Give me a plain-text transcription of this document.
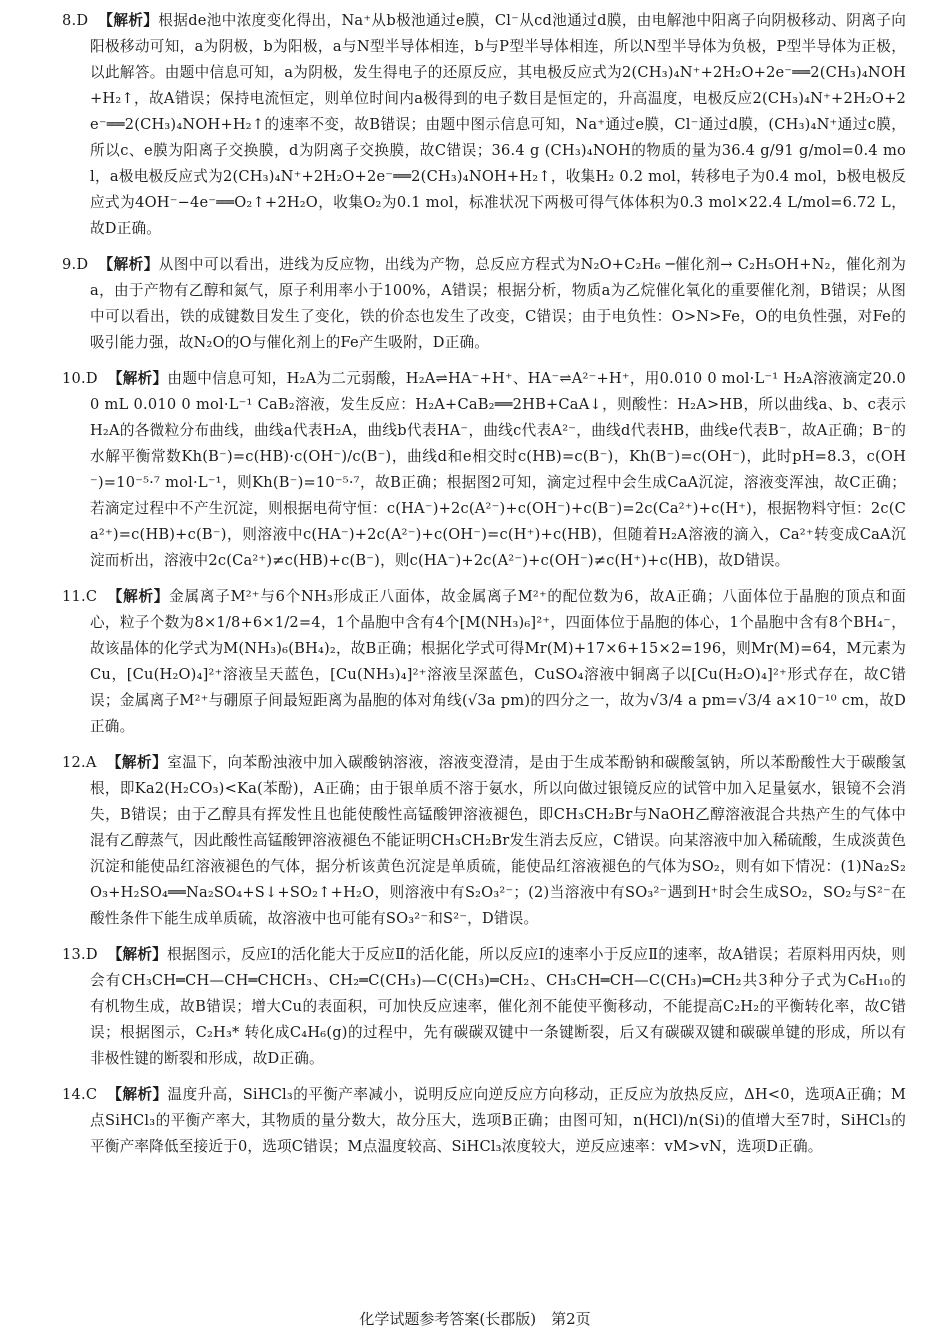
8.D 【解析】根据de池中浓度变化得出，Na⁺从b极池通过e膜，Cl⁻从cd池通过d膜，由电解池中阳离子向阴极移动、阴离子向阳极移动可知，a为阴极，b为阳极，a与N型半导体相连，b与P型半导体相连，所以N型半导体为负极，P型半导体为正极，以此解答。由题中信息可知，a为阴极，发生得电子的还原反应，其电极反应式为2(CH₃)₄N⁺+2H₂O+2e⁻══2(CH₃)₄NOH+H₂↑，故A错误；保持电流恒定，则单位时间内a极得到的电子数目是恒定的，升高温度，电极反应2(CH₃)₄N⁺+2H₂O+2e⁻══2(CH₃)₄NOH+H₂↑的速率不变，故B错误；由题中图示信息可知，Na⁺通过e膜，Cl⁻通过d膜，(CH₃)₄N⁺通过c膜，所以c、e膜为阳离子交换膜，d为阴离子交换膜，故C错误；36.4 g (CH₃)₄NOH的物质的量为36.4 g/91 g/mol=0.4 mol，a极电极反应式为2(CH₃)₄N⁺+2H₂O+2e⁻══2(CH₃)₄NOH+H₂↑，收集H₂ 0.2 mol，转移电子为0.4 mol，b极电极反应式为4OH⁻−4e⁻══O₂↑+2H₂O，收集O₂为0.1 mol，标准状况下两极可得气体体积为0.3 mol×22.4 L/mol=6.72 L，故D正确。

9.D 【解析】从图中可以看出，进线为反应物，出线为产物，总反应方程式为N₂O+C₂H₆ ─催化剂→ C₂H₅OH+N₂，催化剂为a，由于产物有乙醇和氮气，原子利用率小于100%，A错误；根据分析，物质a为乙烷催化氧化的重要催化剂，B错误；从图中可以看出，铁的成键数目发生了变化，铁的价态也发生了改变，C错误；由于电负性：O>N>Fe，O的电负性强，对Fe的吸引能力强，故N₂O的O与催化剂上的Fe产生吸附，D正确。

10.D 【解析】由题中信息可知，H₂A为二元弱酸，H₂A⇌HA⁻+H⁺、HA⁻⇌A²⁻+H⁺，用0.010 0 mol·L⁻¹ H₂A溶液滴定20.00 mL 0.010 0 mol·L⁻¹ CaB₂溶液，发生反应：H₂A+CaB₂══2HB+CaA↓，则酸性：H₂A>HB，所以曲线a、b、c表示H₂A的各微粒分布曲线，曲线a代表H₂A，曲线b代表HA⁻，曲线c代表A²⁻，曲线d代表HB，曲线e代表B⁻，故A正确；B⁻的水解平衡常数Kh(B⁻)=c(HB)·c(OH⁻)/c(B⁻)，曲线d和e相交时c(HB)=c(B⁻)，Kh(B⁻)=c(OH⁻)，此时pH=8.3，c(OH⁻)=10⁻⁵·⁷ mol·L⁻¹，则Kh(B⁻)=10⁻⁵·⁷，故B正确；根据图2可知，滴定过程中会生成CaA沉淀，溶液变浑浊，故C正确；若滴定过程中不产生沉淀，则根据电荷守恒：c(HA⁻)+2c(A²⁻)+c(OH⁻)+c(B⁻)=2c(Ca²⁺)+c(H⁺)，根据物料守恒：2c(Ca²⁺)=c(HB)+c(B⁻)，则溶液中c(HA⁻)+2c(A²⁻)+c(OH⁻)=c(H⁺)+c(HB)，但随着H₂A溶液的滴入，Ca²⁺转变成CaA沉淀而析出，溶液中2c(Ca²⁺)≠c(HB)+c(B⁻)，则c(HA⁻)+2c(A²⁻)+c(OH⁻)≠c(H⁺)+c(HB)，故D错误。

11.C 【解析】金属离子M²⁺与6个NH₃形成正八面体，故金属离子M²⁺的配位数为6，故A正确；八面体位于晶胞的顶点和面心，粒子个数为8×1/8+6×1/2=4，1个晶胞中含有4个[M(NH₃)₆]²⁺，四面体位于晶胞的体心，1个晶胞中含有8个BH₄⁻，故该晶体的化学式为M(NH₃)₆(BH₄)₂，故B正确；根据化学式可得Mr(M)+17×6+15×2=196，则Mr(M)=64，M元素为Cu，[Cu(H₂O)₄]²⁺溶液呈天蓝色，[Cu(NH₃)₄]²⁺溶液呈深蓝色，CuSO₄溶液中铜离子以[Cu(H₂O)₄]²⁺形式存在，故C错误；金属离子M²⁺与硼原子间最短距离为晶胞的体对角线(√3a pm)的四分之一，故为√3/4 a pm=√3/4 a×10⁻¹⁰ cm，故D正确。

12.A 【解析】室温下，向苯酚浊液中加入碳酸钠溶液，溶液变澄清，是由于生成苯酚钠和碳酸氢钠，所以苯酚酸性大于碳酸氢根，即Ka2(H₂CO₃)<Ka(苯酚)，A正确；由于银单质不溶于氨水，所以向做过银镜反应的试管中加入足量氨水，银镜不会消失，B错误；由于乙醇具有挥发性且也能使酸性高锰酸钾溶液褪色，即CH₃CH₂Br与NaOH乙醇溶液混合共热产生的气体中混有乙醇蒸气，因此酸性高锰酸钾溶液褪色不能证明CH₃CH₂Br发生消去反应，C错误。向某溶液中加入稀硫酸，生成淡黄色沉淀和能使品红溶液褪色的气体，据分析该黄色沉淀是单质硫，能使品红溶液褪色的气体为SO₂，则有如下情况：(1)Na₂S₂O₃+H₂SO₄══Na₂SO₄+S↓+SO₂↑+H₂O，则溶液中有S₂O₃²⁻；(2)当溶液中有SO₃²⁻遇到H⁺时会生成SO₂，SO₂与S²⁻在酸性条件下能生成单质硫，故溶液中也可能有SO₃²⁻和S²⁻，D错误。

13.D 【解析】根据图示，反应Ⅰ的活化能大于反应Ⅱ的活化能，所以反应Ⅰ的速率小于反应Ⅱ的速率，故A错误；若原料用丙炔，则会有CH₃CH═CH—CH═CHCH₃、CH₂═C(CH₃)—C(CH₃)═CH₂、CH₃CH═CH—C(CH₃)═CH₂共3种分子式为C₆H₁₀的有机物生成，故B错误；增大Cu的表面积，可加快反应速率，催化剂不能使平衡移动，不能提高C₂H₂的平衡转化率，故C错误；根据图示，C₂H₃* 转化成C₄H₆(g)的过程中，先有碳碳双键中一条键断裂，后又有碳碳双键和碳碳单键的形成，所以有非极性键的断裂和形成，故D正确。

14.C 【解析】温度升高，SiHCl₃的平衡产率减小，说明反应向逆反应方向移动，正反应为放热反应，ΔH<0，选项A正确；M点SiHCl₃的平衡产率大，其物质的量分数大，故分压大，选项B正确；由图可知，n(HCl)/n(Si)的值增大至7时，SiHCl₃的平衡产率降低至接近于0，选项C错误；M点温度较高、SiHCl₃浓度较大，逆反应速率：vM>vN，选项D正确。

化学试题参考答案(长郡版)　第2页
